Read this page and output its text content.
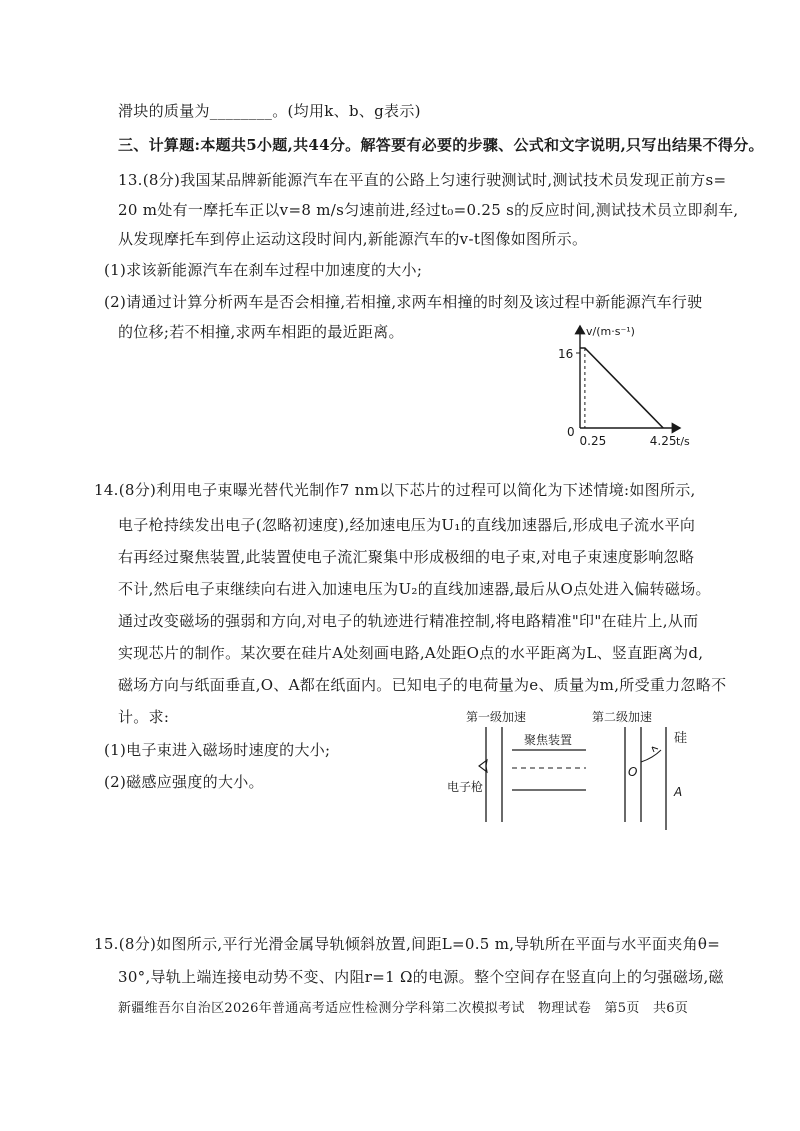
滑块的质量为________。(均用k、b、g表示)
三、计算题:本题共5小题,共44分。解答要有必要的步骤、公式和文字说明,只写出结果不得分。
13.(8分)我国某品牌新能源汽车在平直的公路上匀速行驶测试时,测试技术员发现正前方s=
20 m处有一摩托车正以v=8 m/s匀速前进,经过t₀=0.25 s的反应时间,测试技术员立即刹车,
从发现摩托车到停止运动这段时间内,新能源汽车的v-t图像如图所示。
(1)求该新能源汽车在刹车过程中加速度的大小;
(2)请通过计算分析两车是否会相撞,若相撞,求两车相撞的时刻及该过程中新能源汽车行驶
的位移;若不相撞,求两车相距的最近距离。	v/(m·s⁻¹)
t/s
0
16
0.25	4.25
14.(8分)利用电子束曝光替代光制作7 nm以下芯片的过程可以简化为下述情境:如图所示,
电子枪持续发出电子(忽略初速度),经加速电压为U₁的直线加速器后,形成电子流水平向
右再经过聚焦装置,此装置使电子流汇聚集中形成极细的电子束,对电子束速度影响忽略
不计,然后电子束继续向右进入加速电压为U₂的直线加速器,最后从O点处进入偏转磁场。
通过改变磁场的强弱和方向,对电子的轨迹进行精准控制,将电路精准"印"在硅片上,从而
实现芯片的制作。某次要在硅片A处刻画电路,A处距O点的水平距离为L、竖直距离为d,
磁场方向与纸面垂直,O、A都在纸面内。已知电子的电荷量为e、质量为m,所受重力忽略不
计。求:
(1)电子束进入磁场时速度的大小;
(2)磁感应强度的大小。
第一级加速	第二级加速
聚焦装置
电子枪
O
硅
A
15.(8分)如图所示,平行光滑金属导轨倾斜放置,间距L=0.5 m,导轨所在平面与水平面夹角θ=
30°,导轨上端连接电动势不变、内阻r=1 Ω的电源。整个空间存在竖直向上的匀强磁场,磁
新疆维吾尔自治区2026年普通高考适应性检测分学科第二次模拟考试　物理试卷　第5页　共6页
